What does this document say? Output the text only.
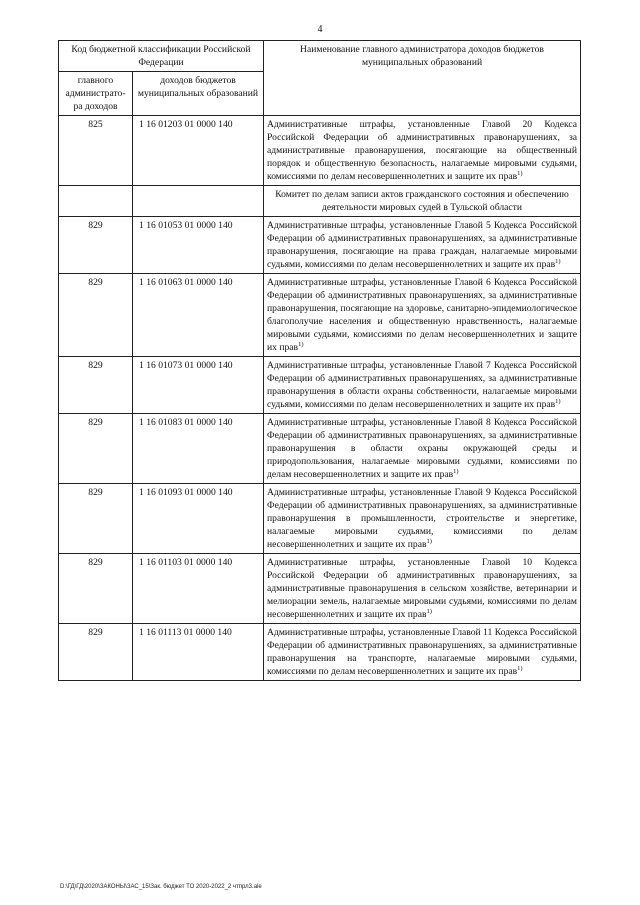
4
Код бюджетной классификации Российской Федерации		Наименование главного администратора доходов бюджетов муниципальных образований
главного администрато-ра доходов	доходов бюджетов муниципальных образований	
825	1 16 01203 01 0000 140	Административные штрафы, установленные Главой 20 Кодекса Российской Федерации об административных правонарушениях, за административные правонарушения, посягающие на общественный порядок и общественную безопасность, налагаемые мировыми судьями, комиссиями по делам несовершеннолетних и защите их прав$^{1)}$
		Комитет по делам записи актов гражданского состояния и обеспечению деятельности мировых судей в Тульской области
829	1 16 01053 01 0000 140	Административные штрафы, установленные Главой 5 Кодекса Российской Федерации об административных правонарушениях, за административные правонарушения, посягающие на права граждан, налагаемые мировыми судьями, комиссиями по делам несовершеннолетних и защите их прав$^{1)}$
829	1 16 01063 01 0000 140	Административные штрафы, установленные Главой 6 Кодекса Российской Федерации об административных правонарушениях, за административные правонарушения, посягающие на здоровье, санитарно-эпидемиологическое благополучие населения и общественную нравственность, налагаемые мировыми судьями, комиссиями по делам несовершеннолетних и защите их прав$^{1)}$
829	1 16 01073 01 0000 140	Административные штрафы, установленные Главой 7 Кодекса Российской Федерации об административных правонарушениях, за административные правонарушения в области охраны собственности, налагаемые мировыми судьями, комиссиями по делам несовершеннолетних и защите их прав$^{1)}$
829	1 16 01083 01 0000 140	Административные штрафы, установленные Главой 8 Кодекса Российской Федерации об административных правонарушениях, за административные правонарушения в области охраны окружающей среды и природопользования, налагаемые мировыми судьями, комиссиями по делам несовершеннолетних и защите их прав$^{1)}$
829	1 16 01093 01 0000 140	Административные штрафы, установленные Главой 9 Кодекса Российской Федерации об административных правонарушениях, за административные правонарушения в промышленности, строительстве и энергетике, налагаемые мировыми судьями, комиссиями по делам несовершеннолетних и защите их прав$^{1)}$
829	1 16 01103 01 0000 140	Административные штрафы, установленные Главой 10 Кодекса Российской Федерации об административных правонарушениях, за административные правонарушения в сельском хозяйстве, ветеринарии и мелиорации земель, налагаемые мировыми судьями, комиссиями по делам несовершеннолетних и защите их прав$^{1)}$
829	1 16 01113 01 0000 140	Административные штрафы, установленные Главой 11 Кодекса Российской Федерации об административных правонарушениях, за административные правонарушения на транспорте, налагаемые мировыми судьями, комиссиями по делам несовершеннолетних и защите их прав$^{1)}$
D:\ГД\ГД\2020\ЗАКОНЫ\ЗАС_15\Зак. бюджет ТО 2020-2022_2 чтпрл3.ale
